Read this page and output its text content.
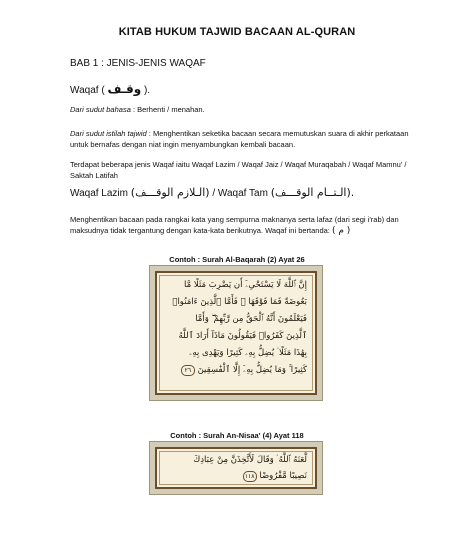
KITAB HUKUM TAJWID BACAAN AL-QURAN
BAB 1 : JENIS-JENIS WAQAF
Waqaf ( وقـف ).
Dari sudut bahasa : Berhenti / menahan.
Dari sudut istilah tajwid : Menghentikan seketika bacaan secara memutuskan suara di akhir perkataan untuk bernafas dengan niat ingin menyambungkan kembali bacaan.
Terdapat beberapa jenis Waqaf iaitu Waqaf Lazim / Waqaf Jaiz / Waqaf Muraqabah / Waqaf Mamnu' / Saktah Latifah
Waqaf Lazim (الـلازم الوقـــف) / Waqaf Tam (الـتــام الوقـــف).
Menghentikan bacaan pada rangkai kata yang sempurna maknanya serta lafaz (dari segi i'rab) dan maksudnya tidak tergantung dengan kata-kata berikutnya. Waqaf ini bertanda: ( م )
Contoh : Surah Al-Baqarah (2) Ayat 26
إِنَّ ٱللَّهَ لَا يَسْتَحْىِۦٓ أَن يَضْرِبَ مَثَلًا مَّا
بَعُوضَةً فَمَا فَوْقَهَا ۚ فَأَمَّا ٱلَّذِينَ ءَامَنُوا۟
فَيَعْلَمُونَ أَنَّهُ ٱلْحَقُّ مِن رَّبِّهِمْ ۖ وَأَمَّا
ٱلَّذِينَ كَفَرُوا۟ فَيَقُولُونَ مَاذَآ أَرَادَ ٱللَّهُ
بِهَٰذَا مَثَلًا ۘ يُضِلُّ بِهِۦ كَثِيرًا وَيَهْدِى بِهِۦ
كَثِيرًا ۚ وَمَا يُضِلُّ بِهِۦٓ إِلَّا ٱلْفَٰسِقِينَ ٢٦
Contoh : Surah An-Nisaa' (4) Ayat 118
لَّعَنَهُ ٱللَّهُ ۘ وَقَالَ لَأَتَّخِذَنَّ مِنْ عِبَادِكَ
نَصِيبًا مَّفْرُوضًا ١١٨
